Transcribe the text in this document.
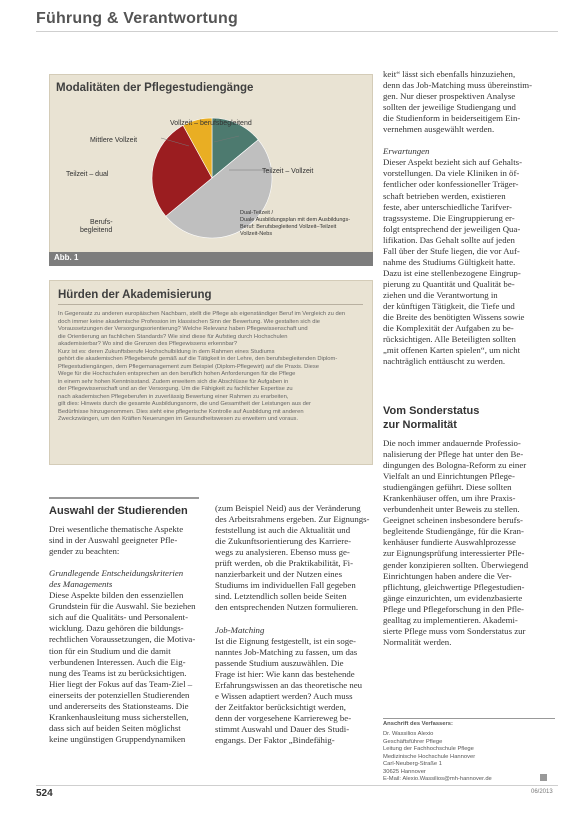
Führung & Verantwortung
Modalitäten der Pflegestudiengänge
Vollzeit – berufsbegleitend
Mittlere Vollzeit
Teilzeit – dual	Teilzeit – Vollzeit
Berufs-
begleitend
Dual-Teilzeit /
Duale Ausbildungsplan mit dem Ausbildungs-
Beruf: Berufsbegleitend Vollzeit–Teilzeit
Vollzeit-Nebs
Abb. 1
Hürden der Akademisierung
In Gegensatz zu anderen europäischen Nachbarn, stellt die Pflege als eigenständiger Beruf im Vergleich zu den
doch immer keine akademische Profession im klassischen Sinn der Bewertung. Wie gestalten sich die
Voraussetzungen der Versorgungsorientierung? Welche Relevanz haben Pflegewissenschaft und
die Orientierung an fachlichen Standards? Wie sind diese für Aufstieg durch Hochschulen
akademisierbar? Wo sind die Grenzen des Pflegewissens erkennbar?
Kurz ist es: deren Zukunftsberufe Hochschulbildung in dem Rahmen eines Studiums
gehört die akademischen Pflegeberufe gemäß auf die Tätigkeit in der Lehre, den berufsbegleitenden Diplom-
Pflegestudiengängen, dem Pflegemanagement zum Beispiel (Diplom-Pflegewirt) auf die Praxis. Diese
Wege für die Hochschulen entsprechen an den beruflich hohen Anforderungen für die Pflege
in einem sehr hohen Kenntnisstand. Zudem erweitern sich die Abschlüsse für Aufgaben in
der Pflegewissenschaft und an der Versorgung. Um die Fähigkeit zu fachlicher Expertise zu
nach akademischen Pflegeberufen in zuverlässig Bewertung einer Rahmen zu erarbeiten,
gilt dies: Hinweis durch die gesamte Ausbildungsnorm, die und Gesamtheit der Leistungen aus der
Bedürfnisse hinzugenommen. Dies sieht eine pflegerische Kontrolle auf Ausbildung mit anderen
Zweckzwängen, um den Kräften Neuerungen im Gesundheitswesen zu erweitern und voraus.
Auswahl der Studierenden
Drei wesentliche thematische Aspekte
sind in der Auswahl geeigneter Pfle-
gender zu beachten:

Grundlegende Entscheidungskriterien
des Managements
Diese Aspekte bilden den essenziellen
Grundstein für die Auswahl. Sie beziehen
sich auf die Qualitäts- und Personalent-
wicklung. Dazu gehören die bildungs-
rechtlichen Voraussetzungen, die Motiva-
tion für ein Studium und die damit
verbundenen Interessen. Auch die Eig-
nung des Teams ist zu berücksichtigen.
Hier liegt der Fokus auf das Team-Ziel –
einerseits der potenziellen Studierenden
und andererseits des Stationsteams. Die
Krankenhausleitung muss sicherstellen,
dass sich auf beiden Seiten möglichst
keine ungünstigen Gruppendynamiken
(zum Beispiel Neid) aus der Veränderung
des Arbeitsrahmens ergeben. Zur Eignungs-
feststellung ist auch die Aktualität und
die Zukunftsorientierung des Karriere-
wegs zu analysieren. Ebenso muss ge-
prüft werden, ob die Praktikabilität, Fi-
nanzierbarkeit und der Nutzen eines
Studiums im individuellen Fall gegeben
sind. Letztendlich sollen beide Seiten
den entsprechenden Nutzen formulieren.

Job-Matching
Ist die Eignung festgestellt, ist ein soge-
nanntes Job-Matching zu fassen, um das
passende Studium auszuwählen. Die
Frage ist hier: Wie kann das bestehende
Erfahrungswissen an das theoretische neu
e Wissen adaptiert werden? Auch muss
der Zeitfaktor berücksichtigt werden,
denn der vorgesehene Karriereweg be-
stimmt Auswahl und Dauer des Studi-
engangs. Der Faktor „Bindefähig-
keit“ lässt sich ebenfalls hinzuziehen,
denn das Job-Matching muss übereinstim-
gen. Nur dieser prospektiven Analyse
sollten der jeweilige Studiengang und
die Studienform in beiderseitigem Ein-
vernehmen ausgewählt werden.

Erwartungen
Dieser Aspekt bezieht sich auf Gehalts-
vorstellungen. Da viele Kliniken in öf-
fentlicher oder konfessioneller Träger-
schaft betrieben werden, existieren
feste, aber unterschiedliche Tarifver-
tragssysteme. Die Eingruppierung er-
folgt entsprechend der jeweiligen Qua-
lifikation. Das Gehalt sollte auf jeden
Fall über der Stufe liegen, die vor Auf-
nahme des Studiums Gültigkeit hatte.
Dazu ist eine stellenbezogene Eingrup-
pierung zu Quantität und Qualität be-
ziehen und die Verantwortung in
der künftigen Tätigkeit, die Tiefe und
die Breite des benötigten Wissens sowie
die Komplexität der Aufgaben zu be-
rücksichtigen. Alle Beteiligten sollten
„mit offenen Karten spielen“, um nicht
nachträglich enttäuscht zu werden.
Vom Sonderstatus
zur Normalität
Die noch immer andauernde Professio-
nalisierung der Pflege hat unter den Be-
dingungen des Bologna-Reform zu einer
Vielfalt an und Einrichtungen Pflege-
studiengängen geführt. Diese sollten
Krankenhäuser offen, um ihre Praxis-
verbundenheit unter Beweis zu stellen.
Geeignet scheinen insbesondere berufs-
begleitende Studiengänge, für die Kran-
kenhäuser fundierte Auswahlprozesse
zur Eignungsprüfung interessierter Pfle-
gender konzipieren sollten. Überwiegend
Einrichtungen haben andere die Ver-
pflichtung, gleichwertige Pflegestudien-
gänge einzurichten, um evidenzbasierte
Pflege und Pflegeforschung in den Pfle-
gealltag zu implementieren. Akademi-
sierte Pflege muss vom Sonderstatus zur
Normalität werden.
Anschrift des Verfassers:
Dr. Wassilios Alexio
Geschäftsführer Pflege
Leitung der Fachhochschule Pflege
Medizinische Hochschule Hannover
Carl-Neuberg-Straße 1
30625 Hannover
E-Mail: Alexio.Wassilios@mh-hannover.de
524	06/2013
